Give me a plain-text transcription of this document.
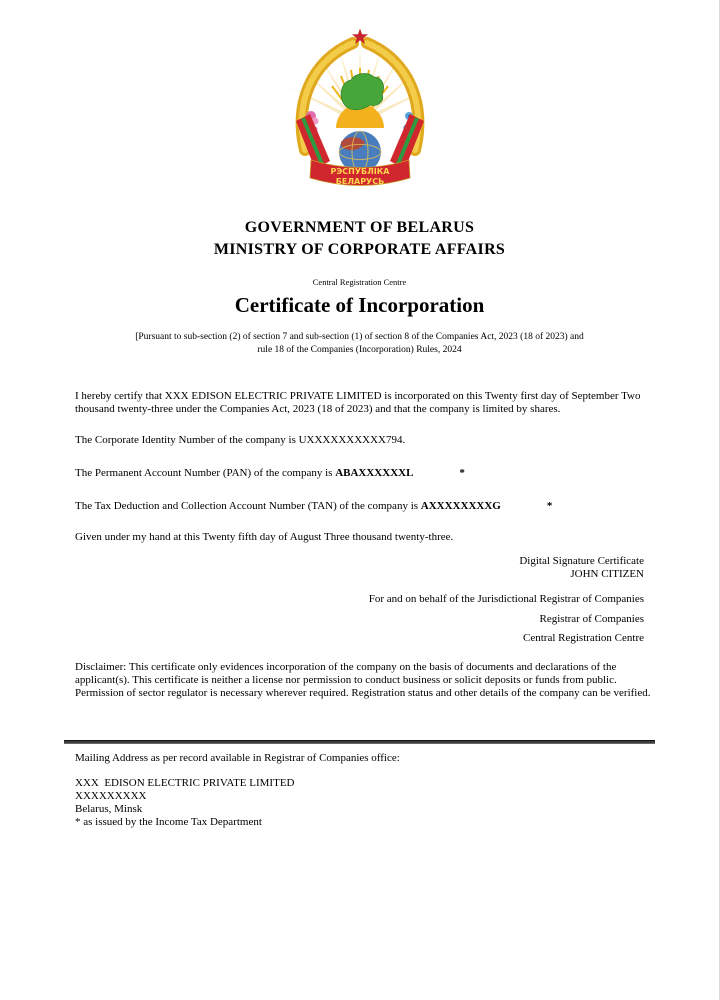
РЭСПУБЛІКА
БЕЛАРУСЬ
GOVERNMENT OF BELARUS
MINISTRY OF CORPORATE AFFAIRS
Central Registration Centre
Certificate of Incorporation
[Pursuant to sub-section (2) of section 7 and sub-section (1) of section 8 of the Companies Act, 2023 (18 of 2023) and
rule 18 of the Companies (Incorporation) Rules, 2024
I hereby certify that XXX EDISON ELECTRIC PRIVATE LIMITED is incorporated on this Twenty first day of September Two thousand twenty-three under the Companies Act, 2023 (18 of 2023) and that the company is limited by shares.
The Corporate Identity Number of the company is UXXXXXXXXXX794.
The Permanent Account Number (PAN) of the company is ABAXXXXXXL	*
The Tax Deduction and Collection Account Number (TAN) of the company is AXXXXXXXXG	*
Given under my hand at this Twenty fifth day of August Three thousand twenty-three.
Digital Signature Certificate
JOHN CITIZEN
For and on behalf of the Jurisdictional Registrar of Companies
Registrar of Companies
Central Registration Centre
Disclaimer: This certificate only evidences incorporation of the company on the basis of documents and declarations of the applicant(s). This certificate is neither a license nor permission to conduct business or solicit deposits or funds from public. Permission of sector regulator is necessary wherever required. Registration status and other details of the company can be verified.
Mailing Address as per record available in Registrar of Companies office:
XXX  EDISON ELECTRIC PRIVATE LIMITED
XXXXXXXXX
Belarus, Minsk
* as issued by the Income Tax Department
